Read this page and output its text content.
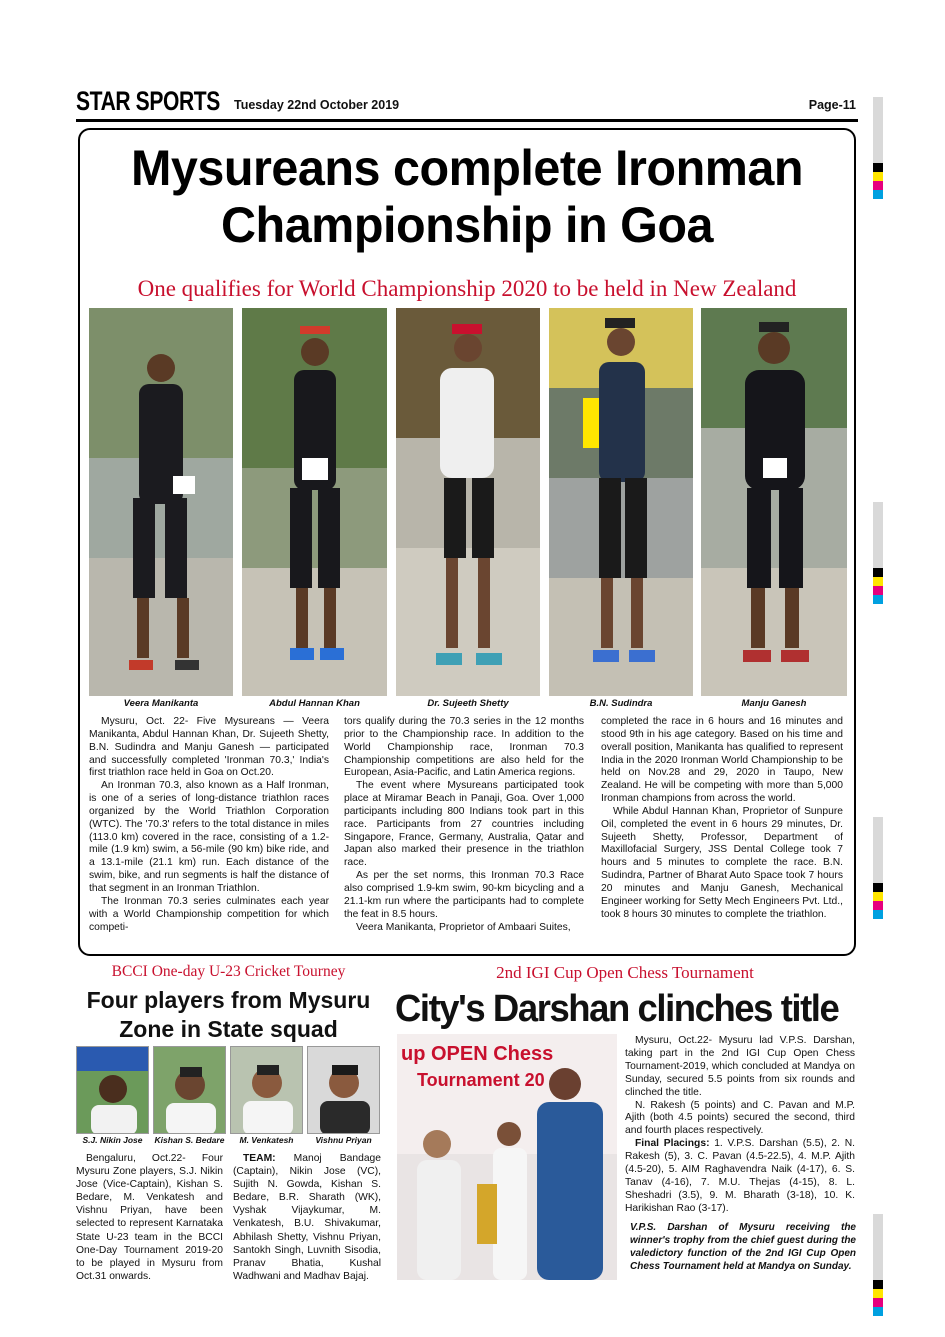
STAR SPORTS Tuesday 22nd October 2019	Page-11
Mysureans complete Ironman Championship in Goa
One qualifies for World Championship 2020 to be held in New Zealand
Veera Manikanta	Abdul Hannan Khan	Dr. Sujeeth Shetty	B.N. Sudindra	Manju Ganesh

Mysuru, Oct. 22- Five Mysureans — Veera Manikanta, Abdul Hannan Khan, Dr. Sujeeth Shetty, B.N. Sudindra and Manju Ganesh — participated and successfully completed 'Ironman 70.3,' India's first triathlon race held in Goa on Oct.20.

An Ironman 70.3, also known as a Half Ironman, is one of a series of long-distance triathlon races organized by the World Triathlon Corporation (WTC). The '70.3' refers to the total distance in miles (113.0 km) covered in the race, consisting of a 1.2-mile (1.9 km) swim, a 56-mile (90 km) bike ride, and a 13.1-mile (21.1 km) run. Each distance of the swim, bike, and run segments is half the distance of that segment in an Ironman Triathlon.

The Ironman 70.3 series culminates each year with a World Championship competition for which competi-

tors qualify during the 70.3 series in the 12 months prior to the Championship race. In addition to the World Championship race, Ironman 70.3 Championship competitions are also held for the European, Asia-Pacific, and Latin America regions.

The event where Mysureans participated took place at Miramar Beach in Panaji, Goa. Over 1,000 participants including 800 Indians took part in this race. Participants from 27 countries including Singapore, France, Germany, Australia, Qatar and Japan also marked their presence in the triathlon race.

As per the set norms, this Ironman 70.3 Race also comprised 1.9-km swim, 90-km bicycling and a 21.1-km run where the participants had to complete the feat in 8.5 hours.

Veera Manikanta, Proprietor of Ambaari Suites,

completed the race in 6 hours and 16 minutes and stood 9th in his age category. Based on his time and overall position, Manikanta has qualified to represent India in the 2020 Ironman World Championship to be held on Nov.28 and 29, 2020 in Taupo, New Zealand. He will be competing with more than 5,000 Ironman champions from across the world.

While Abdul Hannan Khan, Proprietor of Sunpure Oil, completed the event in 6 hours 29 minutes, Dr. Sujeeth Shetty, Professor, Department of Maxillofacial Surgery, JSS Dental College took 7 hours and 5 minutes to complete the race. B.N. Sudindra, Partner of Bharat Auto Space took 7 hours 20 minutes and Manju Ganesh, Mechanical Engineer working for Setty Mech Engineers Pvt. Ltd., took 8 hours 30 minutes to complete the triathlon.

BCCI One-day U-23 Cricket Tourney
Four players from Mysuru
Zone in State squad
S.J. Nikin Jose	Kishan S. Bedare	M. Venkatesh	Vishnu Priyan

Bengaluru, Oct.22- Four Mysuru Zone players, S.J. Nikin Jose (Vice-Captain), Kishan S. Bedare, M. Venkatesh and Vishnu Priyan, have been selected to represent Karnataka State U-23 team in the BCCI One-Day Tournament 2019-20 to be played in Mysuru from Oct.31 onwards.

TEAM: Manoj Bandage (Captain), Nikin Jose (VC), Sujith N. Gowda, Kishan S. Bedare, B.R. Sharath (WK), Vyshak Vijaykumar, M. Venkatesh, B.U. Shivakumar, Abhilash Shetty, Vishnu Priyan, Santokh Singh, Luvnith Sisodia, Pranav Bhatia, Kushal Wadhwani and Madhav Bajaj.

2nd IGI Cup Open Chess Tournament
City's Darshan clinches title
up OPEN Chess
Tournament 20

Mysuru, Oct.22- Mysuru lad V.P.S. Darshan, taking part in the 2nd IGI Cup Open Chess Tournament-2019, which concluded at Mandya on Sunday, secured 5.5 points from six rounds and clinched the title.

N. Rakesh (5 points) and C. Pavan and M.P. Ajith (both 4.5 points) secured the second, third and fourth places respectively.

Final Placings: 1. V.P.S. Darshan (5.5), 2. N. Rakesh (5), 3. C. Pavan (4.5-22.5), 4. M.P. Ajith (4.5-20), 5. AIM Raghavendra Naik (4-17), 6. S. Tanav (4-16), 7. M.U. Thejas (4-15), 8. L. Sheshadri (3.5), 9. M. Bharath (3-18), 10. K. Harikishan Rao (3-17).

V.P.S. Darshan of Mysuru receiving the winner's trophy from the chief guest during the valedictory function of the 2nd IGI Cup Open Chess Tournament held at Mandya on Sunday.
